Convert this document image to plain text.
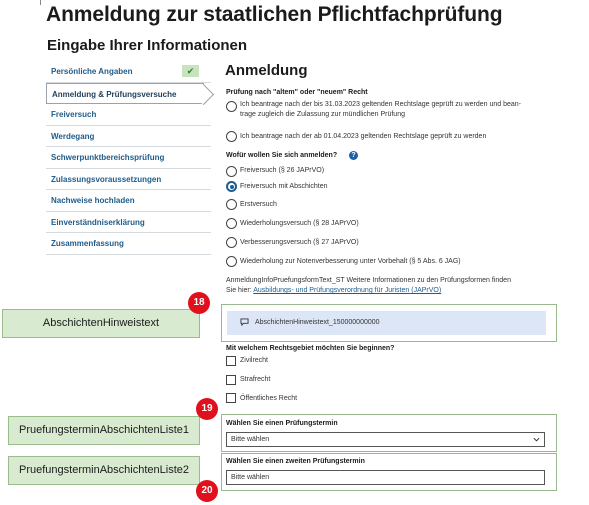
Anmeldung zur staatlichen Pflichtfachprüfung
Eingabe Ihrer Informationen
Persönliche Angaben	✔
Anmeldung & Prüfungsversuche
Freiversuch
Werdegang
Schwerpunktbereichsprüfung
Zulassungsvoraussetzungen
Nachweise hochladen
Einverständniserklärung
Zusammenfassung
Anmeldung
Prüfung nach "altem" oder "neuem" Recht
Ich beantrage nach der bis 31.03.2023 geltenden Rechtslage geprüft zu werden und bean-
trage zugleich die Zulassung zur mündlichen Prüfung
Ich beantrage nach der ab 01.04.2023 geltenden Rechtslage geprüft zu werden
Wofür wollen Sie sich anmelden?	?
Freiversuch (§ 26 JAPrVO)
Freiversuch mit Abschichten
Erstversuch
Wiederholungsversuch (§ 28 JAPrVO)
Verbesserungsversuch (§ 27 JAPrVO)
Wiederholung zur Notenverbesserung unter Vorbehalt (§ 5 Abs. 6 JAG)
AnmeldungInfoPruefungsformText_ST Weitere Informationen zu den Prüfungsformen finden
Sie hier: Ausbildungs- und Prüfungsverordnung für Juristen (JAPrVO)
AbschichtenHinweistext_150000000000
Mit welchem Rechtsgebiet möchten Sie beginnen?
Zivilrecht
Strafrecht
Öffentliches Recht
Wählen Sie einen Prüfungstermin
Bitte wählen
Wählen Sie einen zweiten Prüfungstermin
Bitte wählen
AbschichtenHinweistext
18
PruefungsterminAbschichtenListe1
19
PruefungsterminAbschichtenListe2
20
